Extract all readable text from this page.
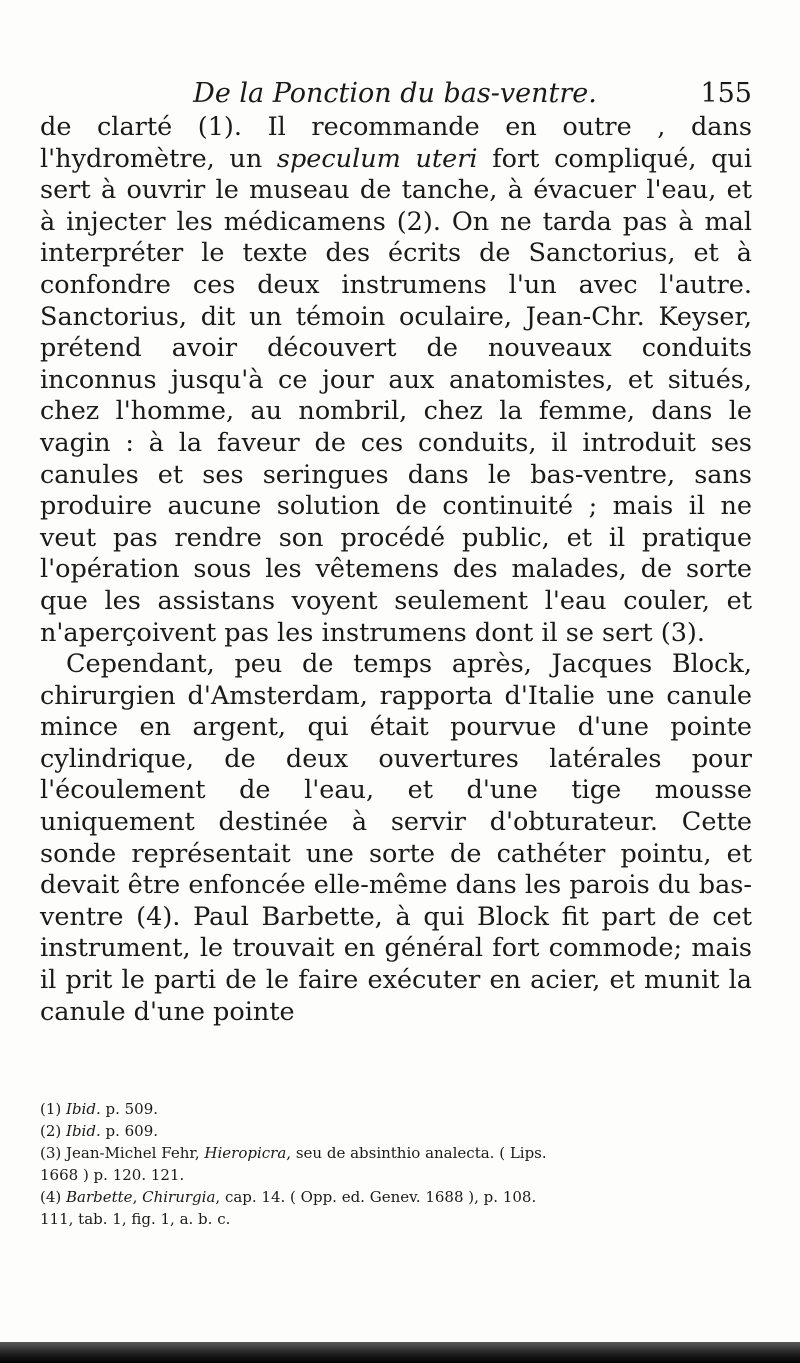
De la Ponction du bas-ventre.	155

de clarté (1). Il recommande en outre , dans l'hydromètre, un speculum uteri fort compliqué, qui sert à ouvrir le museau de tanche, à évacuer l'eau, et à injecter les médicamens (2). On ne tarda pas à mal interpréter le texte des écrits de Sanctorius, et à confondre ces deux instrumens l'un avec l'autre. Sanctorius, dit un témoin oculaire, Jean-Chr. Keyser, prétend avoir découvert de nouveaux conduits inconnus jusqu'à ce jour aux anatomistes, et situés, chez l'homme, au nombril, chez la femme, dans le vagin : à la faveur de ces conduits, il introduit ses canules et ses seringues dans le bas-ventre, sans produire aucune solution de continuité ; mais il ne veut pas rendre son procédé public, et il pratique l'opération sous les vêtemens des malades, de sorte que les assistans voyent seulement l'eau couler, et n'aperçoivent pas les instrumens dont il se sert (3).

Cependant, peu de temps après, Jacques Block, chirurgien d'Amsterdam, rapporta d'Italie une canule mince en argent, qui était pourvue d'une pointe cylindrique, de deux ouvertures latérales pour l'écoulement de l'eau, et d'une tige mousse uniquement destinée à servir d'obturateur. Cette sonde représentait une sorte de cathéter pointu, et devait être enfoncée elle-même dans les parois du bas-ventre (4). Paul Barbette, à qui Block fit part de cet instrument, le trouvait en général fort commode; mais il prit le parti de le faire exécuter en acier, et munit la canule d'une pointe

(1) Ibid. p. 509.
(2) Ibid. p. 609.
(3) Jean-Michel Fehr, Hieropicra, seu de absinthio analecta. ( Lips.
1668 ) p. 120. 121.
(4) Barbette, Chirurgia, cap. 14. ( Opp. ed. Genev. 1688 ), p. 108.
111, tab. 1, fig. 1, a. b. c.
